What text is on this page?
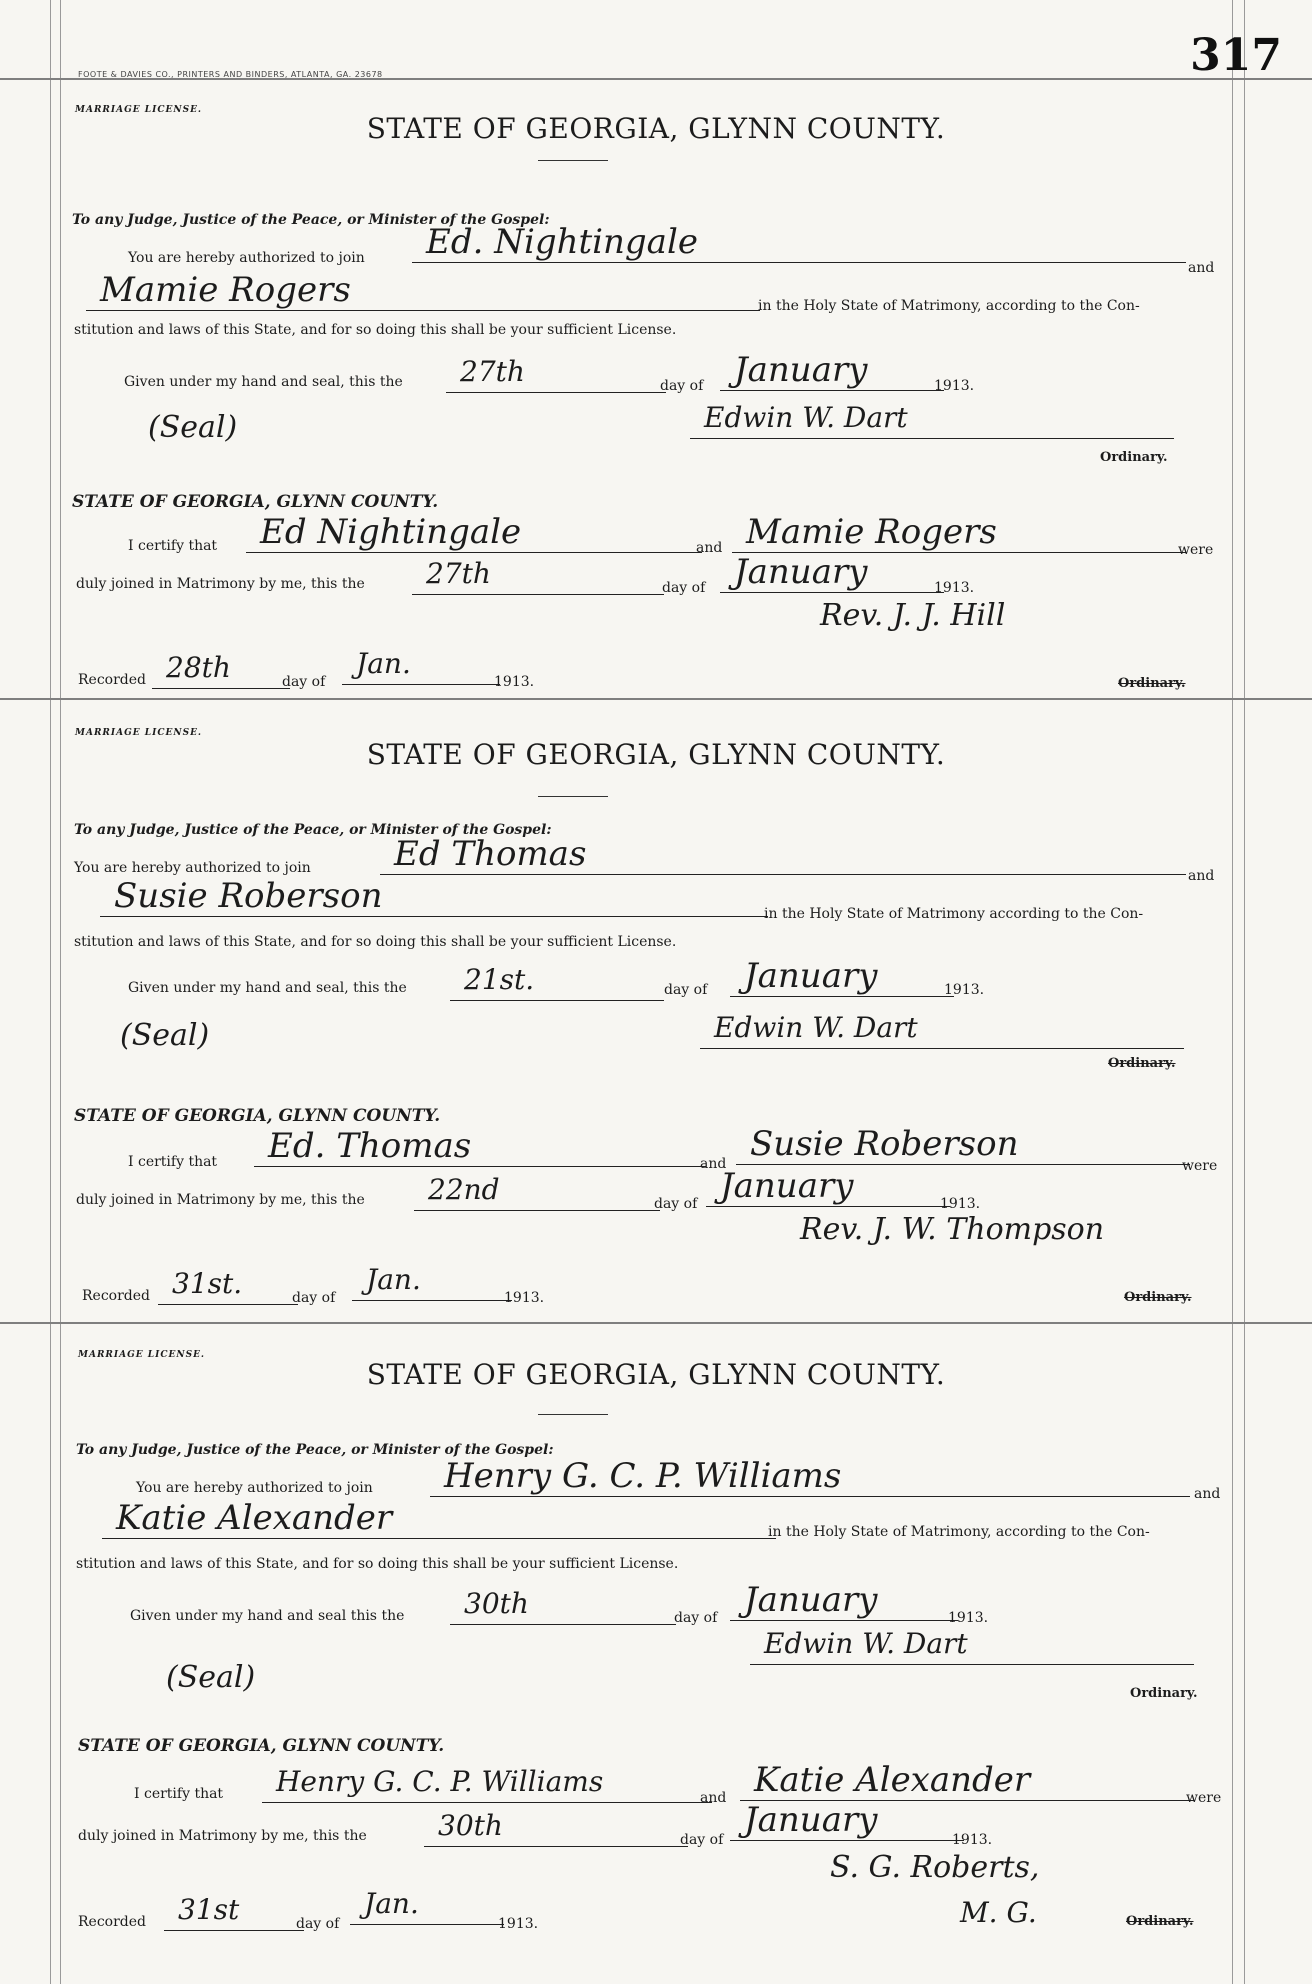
317
FOOTE & DAVIES CO., PRINTERS AND BINDERS, ATLANTA, GA. 23678
MARRIAGE LICENSE.
STATE OF GEORGIA, GLYNN COUNTY.
To any Judge, Justice of the Peace, or Minister of the Gospel:
You are hereby authorized to join	Ed. Nightingale
and
Mamie Rogers	in the Holy State of Matrimony, according to the Con-
stitution and laws of this State, and for so doing this shall be your sufficient License.
Given under my hand and seal, this the	27th	day of January	1913.
(Seal)	Edwin W. Dart
Ordinary.
STATE OF GEORGIA, GLYNN COUNTY.
I certify that	Ed Nightingale	and Mamie Rogers	were
duly joined in Matrimony by me, this the	27th	day of January	1913.
Rev. J. J. Hill
Recorded 28th	day of
Jan.
1913.	Ordinary.
MARRIAGE LICENSE.
STATE OF GEORGIA, GLYNN COUNTY.
To any Judge, Justice of the Peace, or Minister of the Gospel:
You are hereby authorized to join	Ed Thomas
and
Susie Roberson	in the Holy State of Matrimony according to the Con-
stitution and laws of this State, and for so doing this shall be your sufficient License.
Given under my hand and seal, this the	21st.	day of	January	1913.
(Seal)	Edwin W. Dart
Ordinary.
STATE OF GEORGIA, GLYNN COUNTY.
I certify that	Ed. Thomas	and Susie Roberson
were
duly joined in Matrimony by me, this the	22nd	day of January	1913.
Rev. J. W. Thompson
Recorded 31st.	day of
Jan.
1913.	Ordinary.
MARRIAGE LICENSE.
STATE OF GEORGIA, GLYNN COUNTY.
To any Judge, Justice of the Peace, or Minister of the Gospel:
You are hereby authorized to join	Henry G. C. P. Williams	and
Katie Alexander	in the Holy State of Matrimony, according to the Con-
stitution and laws of this State, and for so doing this shall be your sufficient License.
Given under my hand and seal this the	30th	day of January	1913.
(Seal)
Edwin W. Dart
Ordinary.
STATE OF GEORGIA, GLYNN COUNTY.
I certify that	Henry G. C. P. Williams	and Katie Alexander	were
duly joined in Matrimony by me, this the	30th	day of January	1913.
S. G. Roberts,
M. G.
Recorded	31st	day of
Jan.
1913.	Ordinary.
